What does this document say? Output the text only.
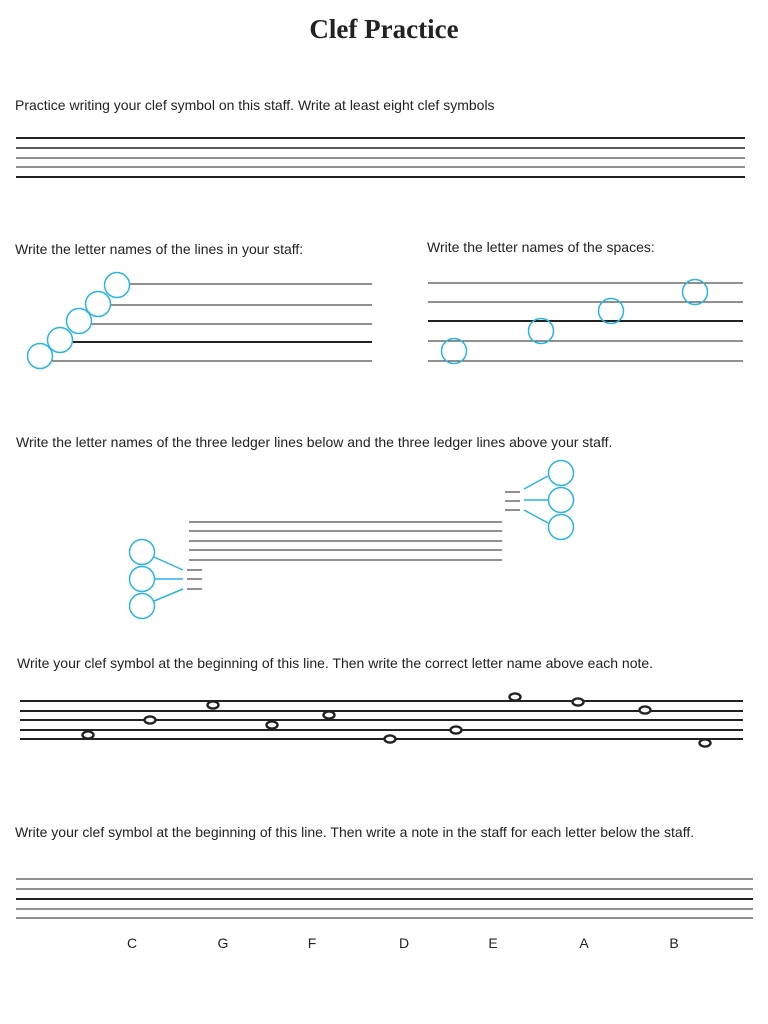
Clef Practice

Practice writing your clef symbol on this staff. Write at least eight clef symbols

Write the letter names of the lines in your staff:	Write the letter names of the spaces:

Write the letter names of the three ledger lines below and the three ledger lines above your staff.

Write your clef symbol at the beginning of this line. Then write the correct letter name above each note.

Write your clef symbol at the beginning of this line. Then write a note in the staff for each letter below the staff.

C	G	F	D	E	A	B
